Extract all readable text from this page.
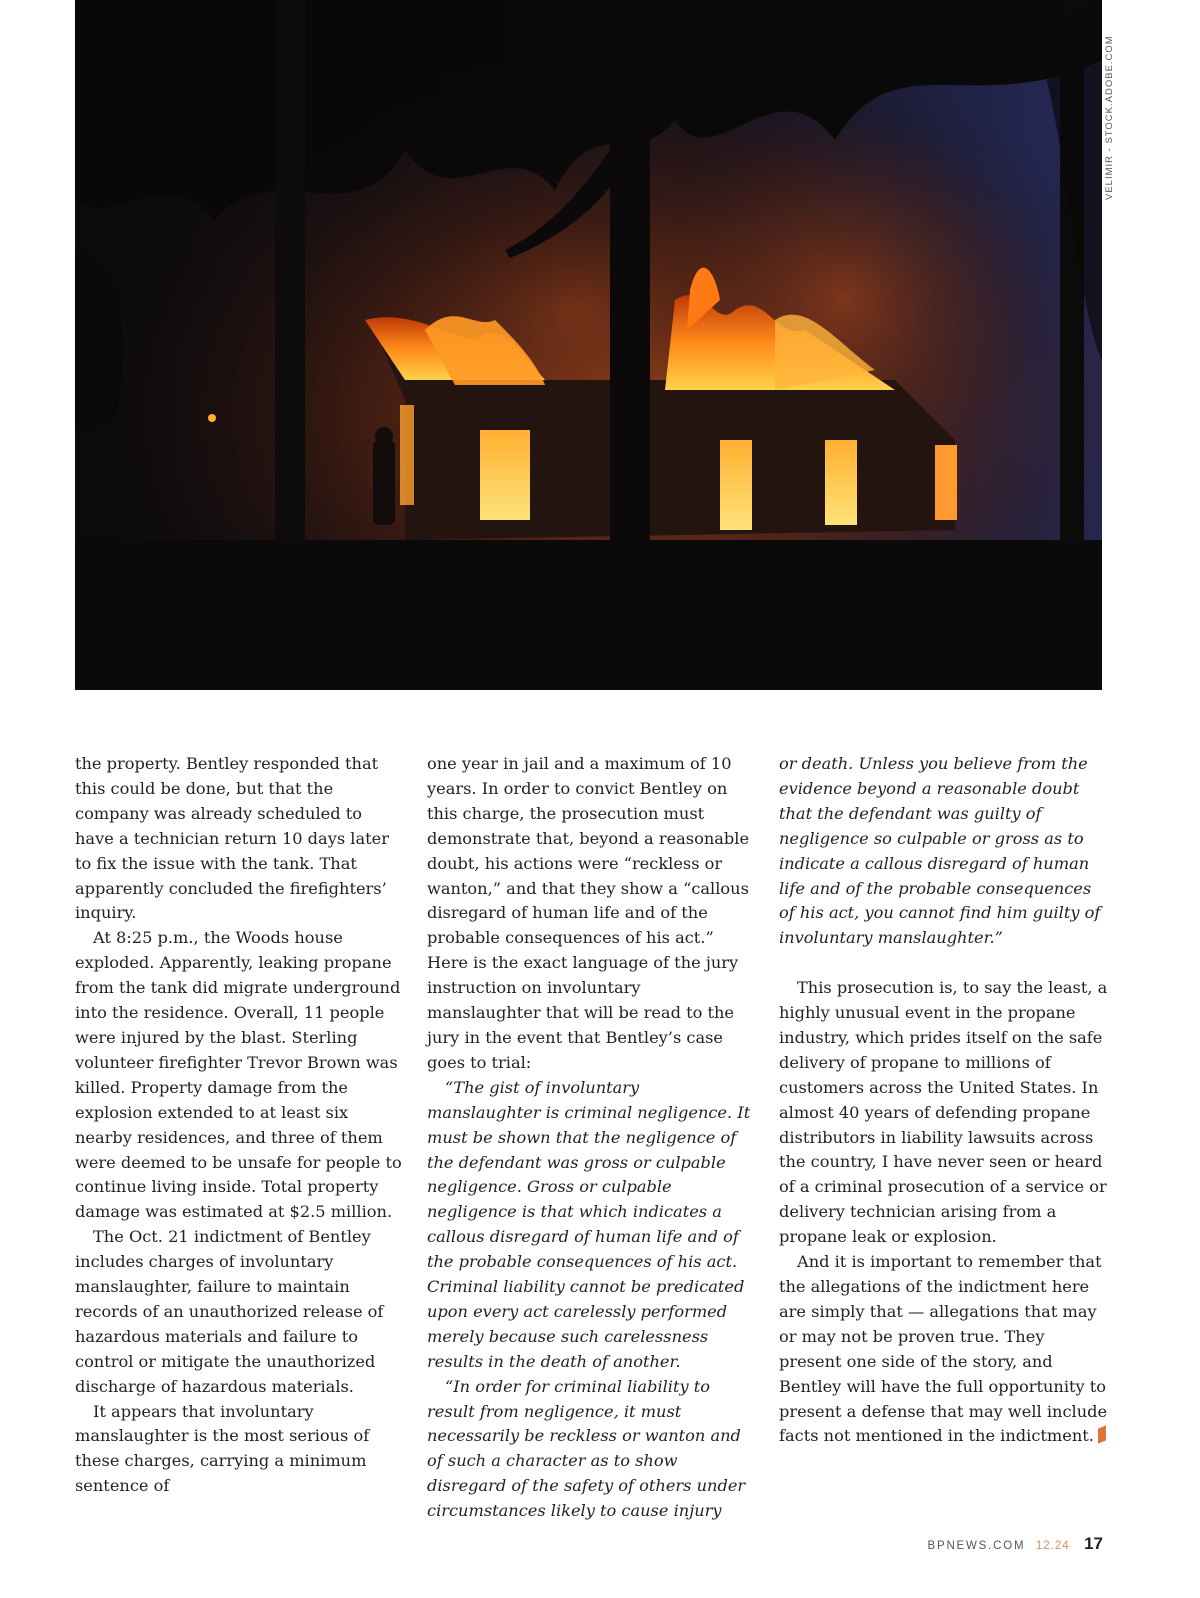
VELIMIR - STOCK.ADOBE.COM

the property. Bentley responded that this could be done, but that the company was already scheduled to have a technician return 10 days later to fix the issue with the tank. That apparently concluded the firefighters’ inquiry.

At 8:25 p.m., the Woods house exploded. Apparently, leaking propane from the tank did migrate underground into the residence. Overall, 11 people were injured by the blast. Sterling volunteer firefighter Trevor Brown was killed. Property damage from the explosion extended to at least six nearby residences, and three of them were deemed to be unsafe for people to continue living inside. Total property damage was estimated at $2.5 million.

The Oct. 21 indictment of Bentley includes charges of involuntary manslaughter, failure to maintain records of an unauthorized release of hazardous materials and failure to control or mitigate the unauthorized discharge of hazardous materials.

It appears that involuntary manslaughter is the most serious of these charges, carrying a minimum sentence of

one year in jail and a maximum of 10 years. In order to convict Bentley on this charge, the prosecution must demonstrate that, beyond a reasonable doubt, his actions were “reckless or wanton,” and that they show a “callous disregard of human life and of the probable consequences of his act.” Here is the exact language of the jury instruction on involuntary manslaughter that will be read to the jury in the event that Bentley’s case goes to trial:

“The gist of involuntary manslaughter is criminal negligence. It must be shown that the negligence of the defendant was gross or culpable negligence. Gross or culpable negligence is that which indicates a callous disregard of human life and of the probable consequences of his act. Criminal liability cannot be predicated upon every act carelessly performed merely because such carelessness results in the death of another.

“In order for criminal liability to result from negligence, it must necessarily be reckless or wanton and of such a character as to show disregard of the safety of others under circumstances likely to cause injury

or death. Unless you believe from the evidence beyond a reasonable doubt that the defendant was guilty of negligence so culpable or gross as to indicate a callous disregard of human life and of the probable consequences of his act, you cannot find him guilty of involuntary manslaughter.”

This prosecution is, to say the least, a highly unusual event in the propane industry, which prides itself on the safe delivery of propane to millions of customers across the United States. In almost 40 years of defending propane distributors in liability lawsuits across the country, I have never seen or heard of a criminal prosecution of a service or delivery technician arising from a propane leak or explosion.

And it is important to remember that the allegations of the indictment here are simply that — allegations that may or may not be proven true. They present one side of the story, and Bentley will have the full opportunity to present a defense that may well include facts not mentioned in the indictment.

BPNEWS.COM 12.24 17
